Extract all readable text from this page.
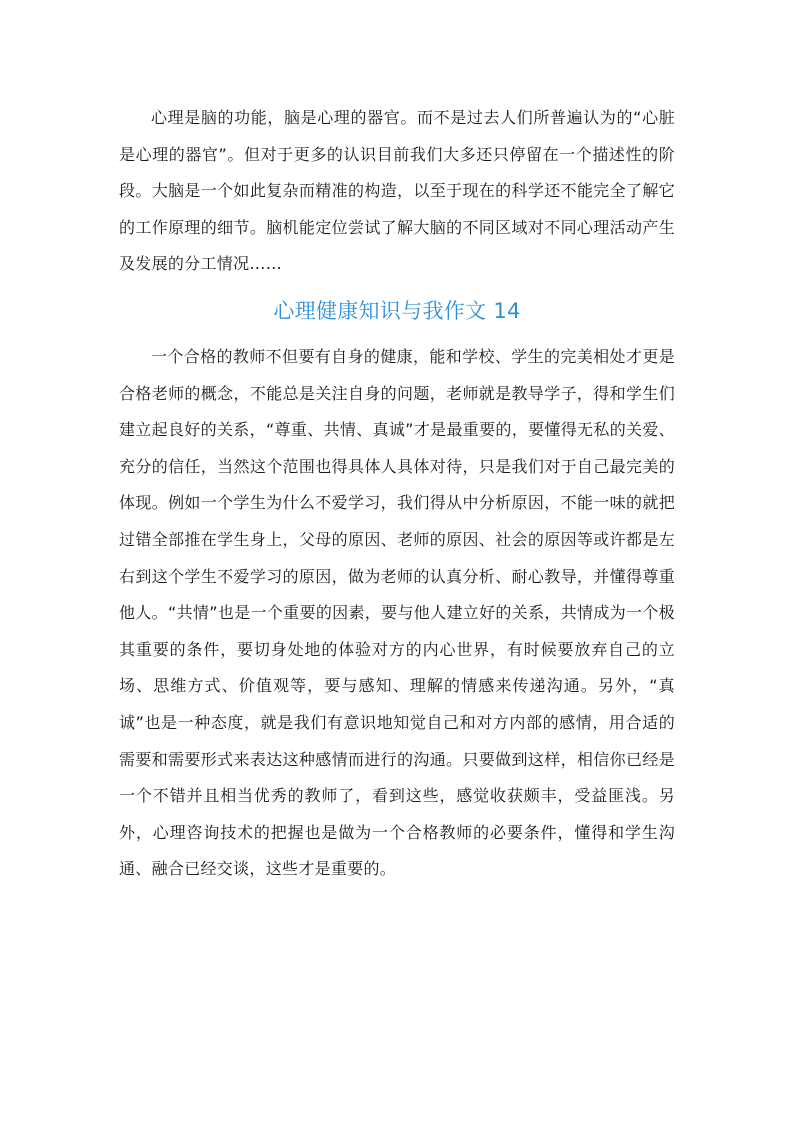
心理是脑的功能，脑是心理的器官。而不是过去人们所普遍认为的“心脏是心理的器官”。但对于更多的认识目前我们大多还只停留在一个描述性的阶段。大脑是一个如此复杂而精准的构造，以至于现在的科学还不能完全了解它的工作原理的细节。脑机能定位尝试了解大脑的不同区域对不同心理活动产生及发展的分工情况……

心理健康知识与我作文 14

一个合格的教师不但要有自身的健康，能和学校、学生的完美相处才更是合格老师的概念，不能总是关注自身的问题，老师就是教导学子，得和学生们建立起良好的关系，“尊重、共情、真诚”才是最重要的，要懂得无私的关爱、充分的信任，当然这个范围也得具体人具体对待，只是我们对于自己最完美的体现。例如一个学生为什么不爱学习，我们得从中分析原因，不能一味的就把过错全部推在学生身上，父母的原因、老师的原因、社会的原因等或许都是左右到这个学生不爱学习的原因，做为老师的认真分析、耐心教导，并懂得尊重他人。“共情”也是一个重要的因素，要与他人建立好的关系，共情成为一个极其重要的条件，要切身处地的体验对方的内心世界，有时候要放弃自己的立场、思维方式、价值观等，要与感知、理解的情感来传递沟通。另外，“真诚”也是一种态度，就是我们有意识地知觉自己和对方内部的感情，用合适的需要和需要形式来表达这种感情而进行的沟通。只要做到这样，相信你已经是一个不错并且相当优秀的教师了，看到这些，感觉收获颇丰，受益匪浅。另外，心理咨询技术的把握也是做为一个合格教师的必要条件，懂得和学生沟通、融合已经交谈，这些才是重要的。
